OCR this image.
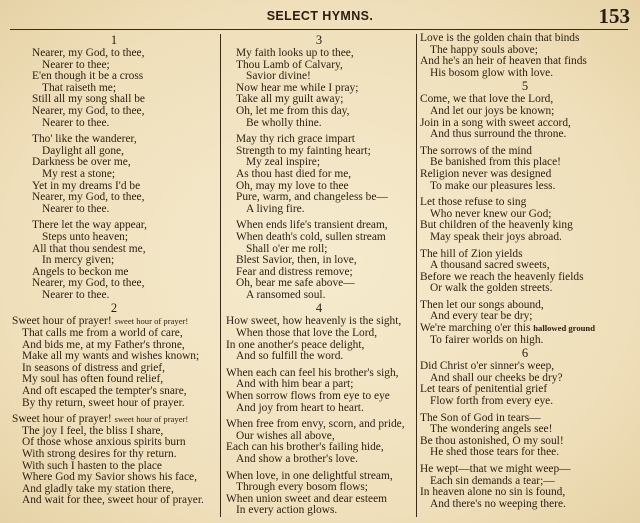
SELECT HYMNS.	153
1
Nearer, my God, to thee,
Nearer to thee;
E'en though it be a cross
That raiseth me;
Still all my song shall be
Nearer, my God, to thee,
Nearer to thee.
Tho' like the wanderer,
Daylight all gone,
Darkness be over me,
My rest a stone;
Yet in my dreams I'd be
Nearer, my God, to thee,
Nearer to thee.
There let the way appear,
Steps unto heaven;
All that thou sendest me,
In mercy given;
Angels to beckon me
Nearer, my God, to thee,
Nearer to thee.
2
Sweet hour of prayer! sweet hour of prayer!
That calls me from a world of care,
And bids me, at my Father's throne,
Make all my wants and wishes known;
In seasons of distress and grief,
My soul has often found relief,
And oft escaped the tempter's snare,
By thy return, sweet hour of prayer.
Sweet hour of prayer! sweet hour of prayer!
The joy I feel, the bliss I share,
Of those whose anxious spirits burn
With strong desires for thy return.
With such I hasten to the place
Where God my Savior shows his face,
And gladly take my station there,
And wait for thee, sweet hour of prayer.
3
My faith looks up to thee,
Thou Lamb of Calvary,
Savior divine!
Now hear me while I pray;
Take all my guilt away;
Oh, let me from this day,
Be wholly thine.
May thy rich grace impart
Strength to my fainting heart;
My zeal inspire;
As thou hast died for me,
Oh, may my love to thee
Pure, warm, and changeless be—
A living fire.
When ends life's transient dream,
When death's cold, sullen stream
Shall o'er me roll;
Blest Savior, then, in love,
Fear and distress remove;
Oh, bear me safe above—
A ransomed soul.
4
How sweet, how heavenly is the sight,
When those that love the Lord,
In one another's peace delight,
And so fulfill the word.
When each can feel his brother's sigh,
And with him bear a part;
When sorrow flows from eye to eye
And joy from heart to heart.
When free from envy, scorn, and pride,
Our wishes all above,
Each can his brother's failing hide,
And show a brother's love.
When love, in one delightful stream,
Through every bosom flows;
When union sweet and dear esteem
In every action glows.
Love is the golden chain that binds
The happy souls above;
And he's an heir of heaven that finds
His bosom glow with love.
5
Come, we that love the Lord,
And let our joys be known;
Join in a song with sweet accord,
And thus surround the throne.
The sorrows of the mind
Be banished from this place!
Religion never was designed
To make our pleasures less.
Let those refuse to sing
Who never knew our God;
But children of the heavenly king
May speak their joys abroad.
The hill of Zion yields
A thousand sacred sweets,
Before we reach the heavenly fields
Or walk the golden streets.
Then let our songs abound,
And every tear be dry;
We're marching o'er this hallowed ground
To fairer worlds on high.
6
Did Christ o'er sinner's weep,
And shall our cheeks be dry?
Let tears of penitential grief
Flow forth from every eye.
The Son of God in tears—
The wondering angels see!
Be thou astonished, O my soul!
He shed those tears for thee.
He wept—that we might weep—
Each sin demands a tear;—
In heaven alone no sin is found,
And there's no weeping there.
